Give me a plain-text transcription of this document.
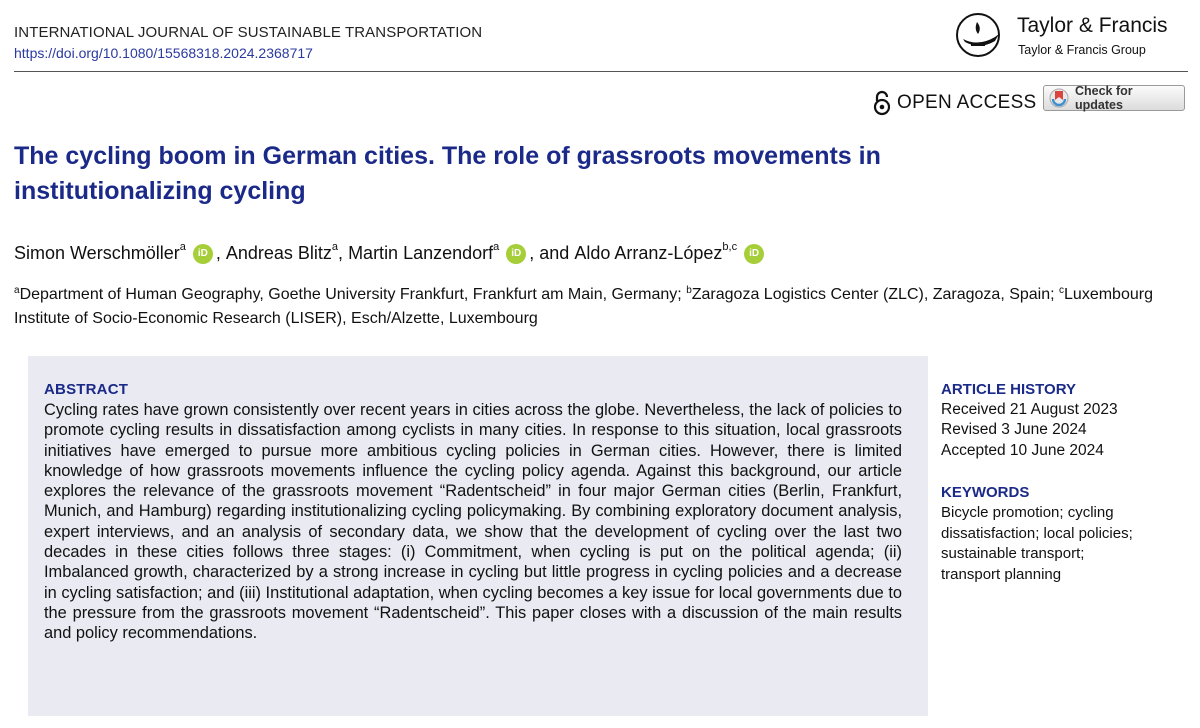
INTERNATIONAL JOURNAL OF SUSTAINABLE TRANSPORTATION
https://doi.org/10.1080/15568318.2024.2368717
Taylor & Francis
Taylor & Francis Group
OPEN ACCESS
Check for updates
The cycling boom in German cities. The role of grassroots movements in institutionalizing cycling
Simon Werschmöller$^a$
iD , Andreas Blitz$^a$ , Martin Lanzendorf$^a$
iD , and Aldo Arranz-López$^{b,c}$
iD
$^a$Department of Human Geography, Goethe University Frankfurt, Frankfurt am Main, Germany; $^b$Zaragoza Logistics Center (ZLC), Zaragoza, Spain; $^c$Luxembourg Institute of Socio-Economic Research (LISER), Esch/Alzette, Luxembourg
ABSTRACT
Cycling rates have grown consistently over recent years in cities across the globe. Nevertheless, the lack of policies to promote cycling results in dissatisfaction among cyclists in many cities. In response to this situation, local grassroots initiatives have emerged to pursue more ambitious cycling policies in German cities. However, there is limited knowledge of how grassroots movements influence the cycling policy agenda. Against this background, our article explores the relevance of the grassroots movement “Radentscheid” in four major German cities (Berlin, Frankfurt, Munich, and Hamburg) regarding institutionalizing cycling policymaking. By combining exploratory document analysis, expert interviews, and an analysis of secondary data, we show that the development of cycling over the last two decades in these cities follows three stages: (i) Commitment, when cycling is put on the political agenda; (ii) Imbalanced growth, characterized by a strong increase in cycling but little progress in cycling policies and a decrease in cycling satisfaction; and (iii) Institutional adaptation, when cycling becomes a key issue for local governments due to the pressure from the grassroots movement “Radentscheid”. This paper closes with a discussion of the main results and policy recommendations.
ARTICLE HISTORY
Received 21 August 2023
Revised 3 June 2024
Accepted 10 June 2024
KEYWORDS
Bicycle promotion; cycling dissatisfaction; local policies; sustainable transport; transport planning
